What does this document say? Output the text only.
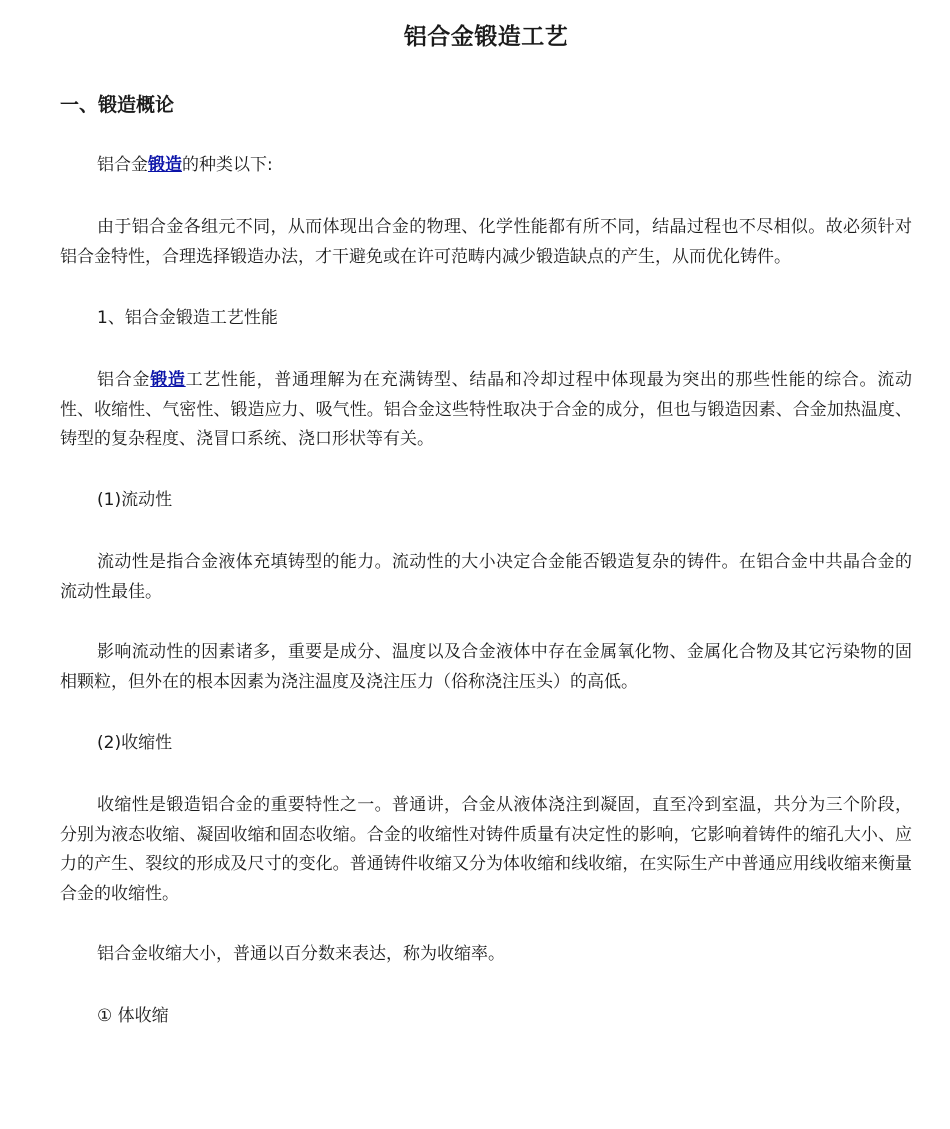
铝合金锻造工艺
一、锻造概论

铝合金锻造的种类以下:

由于铝合金各组元不同，从而体现出合金的物理、化学性能都有所不同，结晶过程也不尽相似。故必须针对铝合金特性，合理选择锻造办法，才干避免或在许可范畴内减少锻造缺点的产生，从而优化铸件。

1、铝合金锻造工艺性能

铝合金锻造工艺性能，普通理解为在充满铸型、结晶和冷却过程中体现最为突出的那些性能的综合。流动性、收缩性、气密性、锻造应力、吸气性。铝合金这些特性取决于合金的成分，但也与锻造因素、合金加热温度、铸型的复杂程度、浇冒口系统、浇口形状等有关。

(1)流动性

流动性是指合金液体充填铸型的能力。流动性的大小决定合金能否锻造复杂的铸件。在铝合金中共晶合金的流动性最佳。

影响流动性的因素诸多，重要是成分、温度以及合金液体中存在金属氧化物、金属化合物及其它污染物的固相颗粒，但外在的根本因素为浇注温度及浇注压力（俗称浇注压头）的高低。

(2)收缩性

收缩性是锻造铝合金的重要特性之一。普通讲，合金从液体浇注到凝固，直至冷到室温，共分为三个阶段，分别为液态收缩、凝固收缩和固态收缩。合金的收缩性对铸件质量有决定性的影响，它影响着铸件的缩孔大小、应力的产生、裂纹的形成及尺寸的变化。普通铸件收缩又分为体收缩和线收缩，在实际生产中普通应用线收缩来衡量合金的收缩性。

铝合金收缩大小，普通以百分数来表达，称为收缩率。

① 体收缩
